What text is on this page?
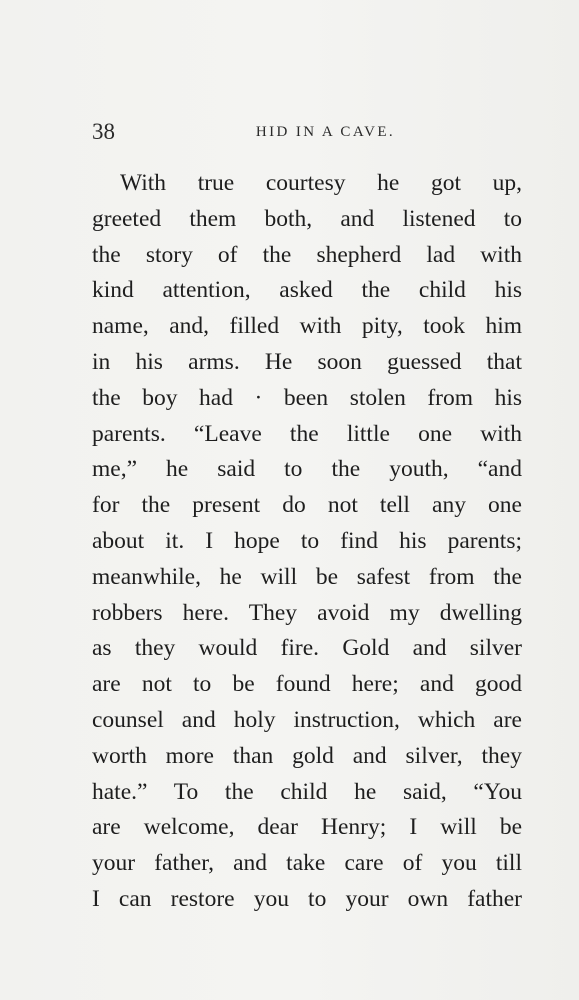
38	HID IN A CAVE.
With true courtesy he got up,
greeted them both, and listened to
the story of the shepherd lad with
kind attention, asked the child his
name, and, filled with pity, took him
in his arms. He soon guessed that
the boy had · been stolen from his
parents. “Leave the little one with
me,” he said to the youth, “and
for the present do not tell any one
about it. I hope to find his parents;
meanwhile, he will be safest from the
robbers here. They avoid my dwelling
as they would fire. Gold and silver
are not to be found here; and good
counsel and holy instruction, which are
worth more than gold and silver, they
hate.” To the child he said, “You
are welcome, dear Henry; I will be
your father, and take care of you till
I can restore you to your own father
